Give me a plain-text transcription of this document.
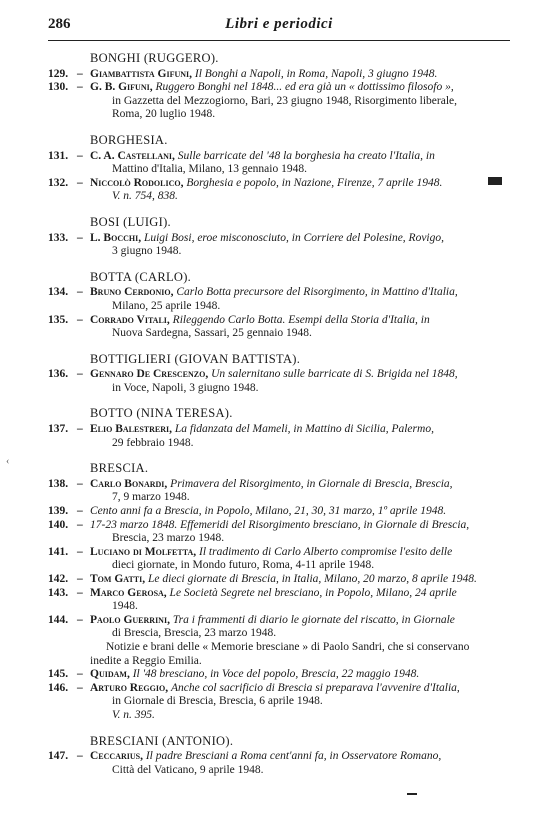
286	Libri e periodici
‹
BONGHI (RUGGERO).
129. – Giambattista Gifuni, Il Bonghi a Napoli, in Roma, Napoli, 3 giugno 1948.
130. – G. B. Gifuni, Ruggero Bonghi nel 1848... ed era già un « dottissimo filosofo »,
in Gazzetta del Mezzogiorno, Bari, 23 giugno 1948, Risorgimento liberale,
Roma, 20 luglio 1948.
BORGHESIA.
131. – C. A. Castellani, Sulle barricate del '48 la borghesia ha creato l'Italia, in
Mattino d'Italia, Milano, 13 gennaio 1948.
132. – Niccolò Rodolico, Borghesia e popolo, in Nazione, Firenze, 7 aprile 1948.
V. n. 754, 838.
BOSI (LUIGI).
133. – L. Bocchi, Luigi Bosi, eroe misconosciuto, in Corriere del Polesine, Rovigo,
3 giugno 1948.
BOTTA (CARLO).
134. – Bruno Cerdonio, Carlo Botta precursore del Risorgimento, in Mattino d'Italia,
Milano, 25 aprile 1948.
135. – Corrado Vitali, Rileggendo Carlo Botta. Esempi della Storia d'Italia, in
Nuova Sardegna, Sassari, 25 gennaio 1948.
BOTTIGLIERI (GIOVAN BATTISTA).
136. – Gennaro De Crescenzo, Un salernitano sulle barricate di S. Brigida nel 1848,
in Voce, Napoli, 3 giugno 1948.
BOTTO (NINA TERESA).
137. – Elio Balestreri, La fidanzata del Mameli, in Mattino di Sicilia, Palermo,
29 febbraio 1948.
BRESCIA.
138. – Carlo Bonardi, Primavera del Risorgimento, in Giornale di Brescia, Brescia,
7, 9 marzo 1948.
139. – Cento anni fa a Brescia, in Popolo, Milano, 21, 30, 31 marzo, 1º aprile 1948.
140. – 17-23 marzo 1848. Effemeridi del Risorgimento bresciano, in Giornale di Brescia,
Brescia, 23 marzo 1948.
141. – Luciano di Molfetta, Il tradimento di Carlo Alberto compromise l'esito delle
dieci giornate, in Mondo futuro, Roma, 4-11 aprile 1948.
142. – Tom Gatti, Le dieci giornate di Brescia, in Italia, Milano, 20 marzo, 8 aprile 1948.
143. – Marco Gerosa, Le Società Segrete nel bresciano, in Popolo, Milano, 24 aprile
1948.
144. – Paolo Guerrini, Tra i frammenti di diario le giornate del riscatto, in Giornale
di Brescia, Brescia, 23 marzo 1948.
Notizie e brani delle « Memorie bresciane » di Paolo Sandri, che si conservano
inedite a Reggio Emilia.
145. – Quidam, Il '48 bresciano, in Voce del popolo, Brescia, 22 maggio 1948.
146. – Arturo Reggio, Anche col sacrificio di Brescia si preparava l'avvenire d'Italia,
in Giornale di Brescia, Brescia, 6 aprile 1948.
V. n. 395.
BRESCIANI (ANTONIO).
147. – Ceccarius, Il padre Bresciani a Roma cent'anni fa, in Osservatore Romano,
Città del Vaticano, 9 aprile 1948.
